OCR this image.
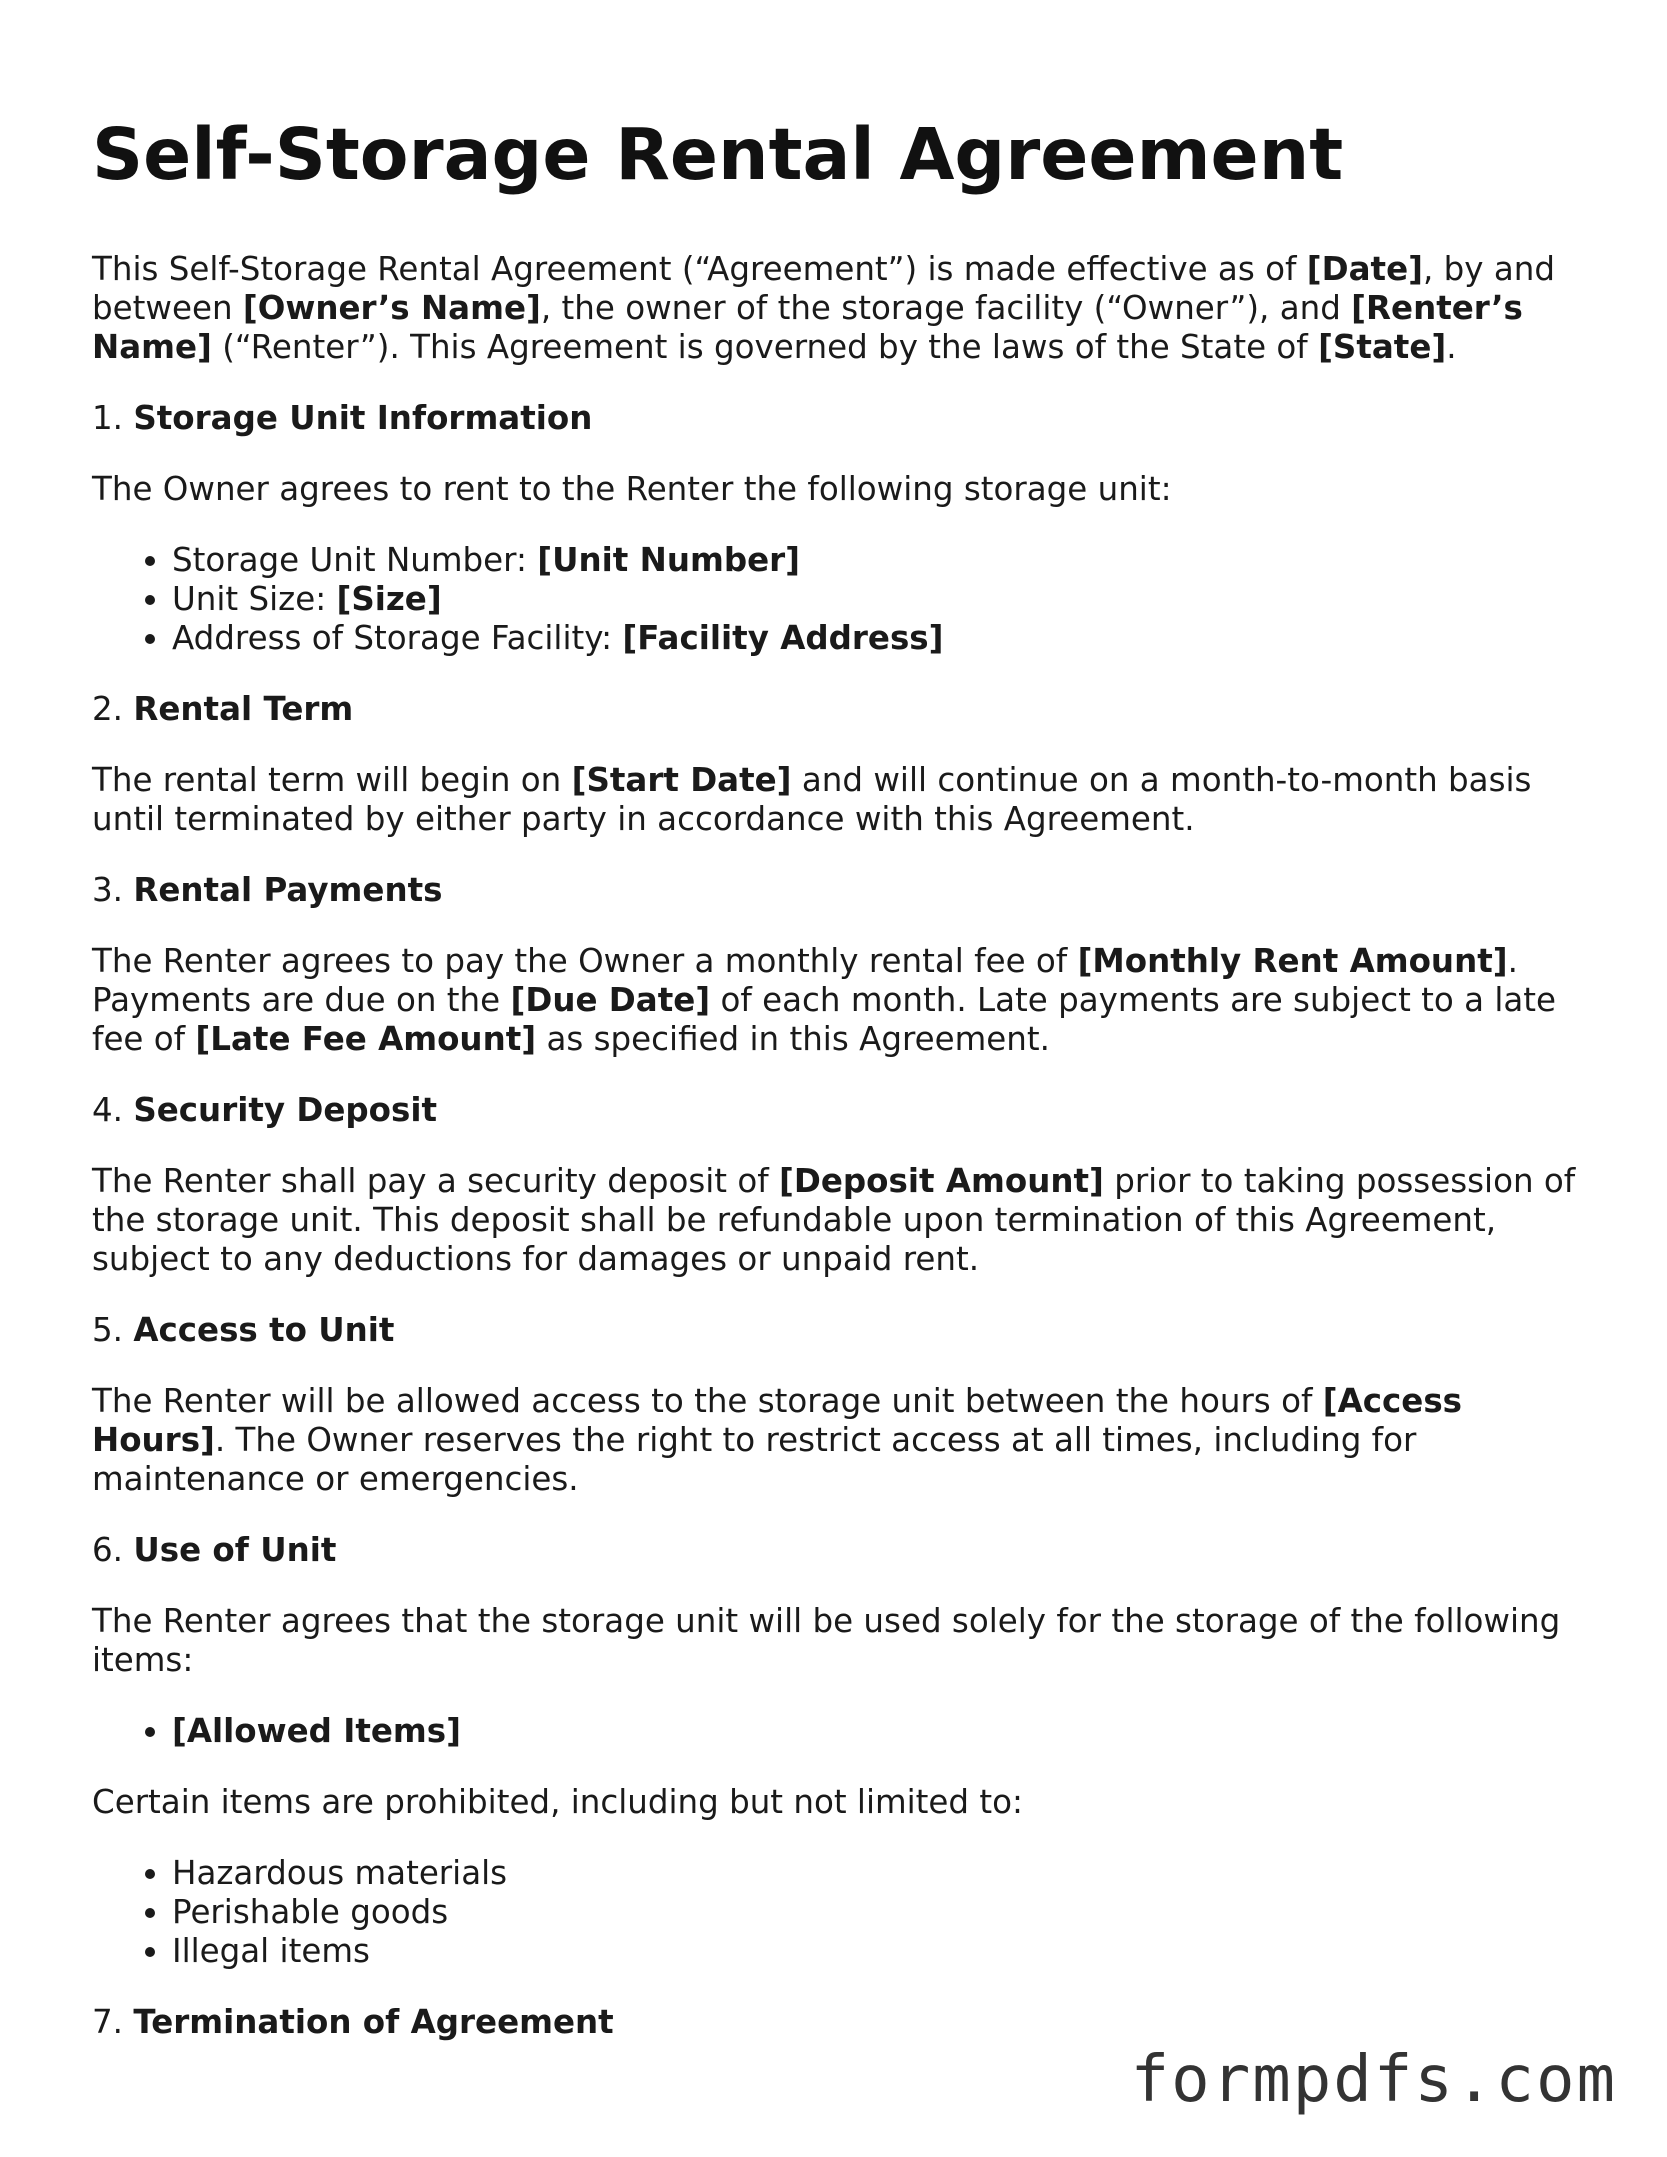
Self-Storage Rental Agreement

This Self-Storage Rental Agreement (“Agreement”) is made effective as of [Date], by and between [Owner’s Name], the owner of the storage facility (“Owner”), and [Renter’s Name] (“Renter”). This Agreement is governed by the laws of the State of [State].

1. Storage Unit Information

The Owner agrees to rent to the Renter the following storage unit:

• Storage Unit Number: [Unit Number]
• Unit Size: [Size]
• Address of Storage Facility: [Facility Address]

2. Rental Term

The rental term will begin on [Start Date] and will continue on a month-to-month basis until terminated by either party in accordance with this Agreement.

3. Rental Payments

The Renter agrees to pay the Owner a monthly rental fee of [Monthly Rent Amount]. Payments are due on the [Due Date] of each month. Late payments are subject to a late fee of [Late Fee Amount] as specified in this Agreement.

4. Security Deposit

The Renter shall pay a security deposit of [Deposit Amount] prior to taking possession of the storage unit. This deposit shall be refundable upon termination of this Agreement, subject to any deductions for damages or unpaid rent.

5. Access to Unit

The Renter will be allowed access to the storage unit between the hours of [Access Hours]. The Owner reserves the right to restrict access at all times, including for maintenance or emergencies.

6. Use of Unit

The Renter agrees that the storage unit will be used solely for the storage of the following items:

• [Allowed Items]

Certain items are prohibited, including but not limited to:

• Hazardous materials
• Perishable goods
• Illegal items

7. Termination of Agreement

formpdfs.com
